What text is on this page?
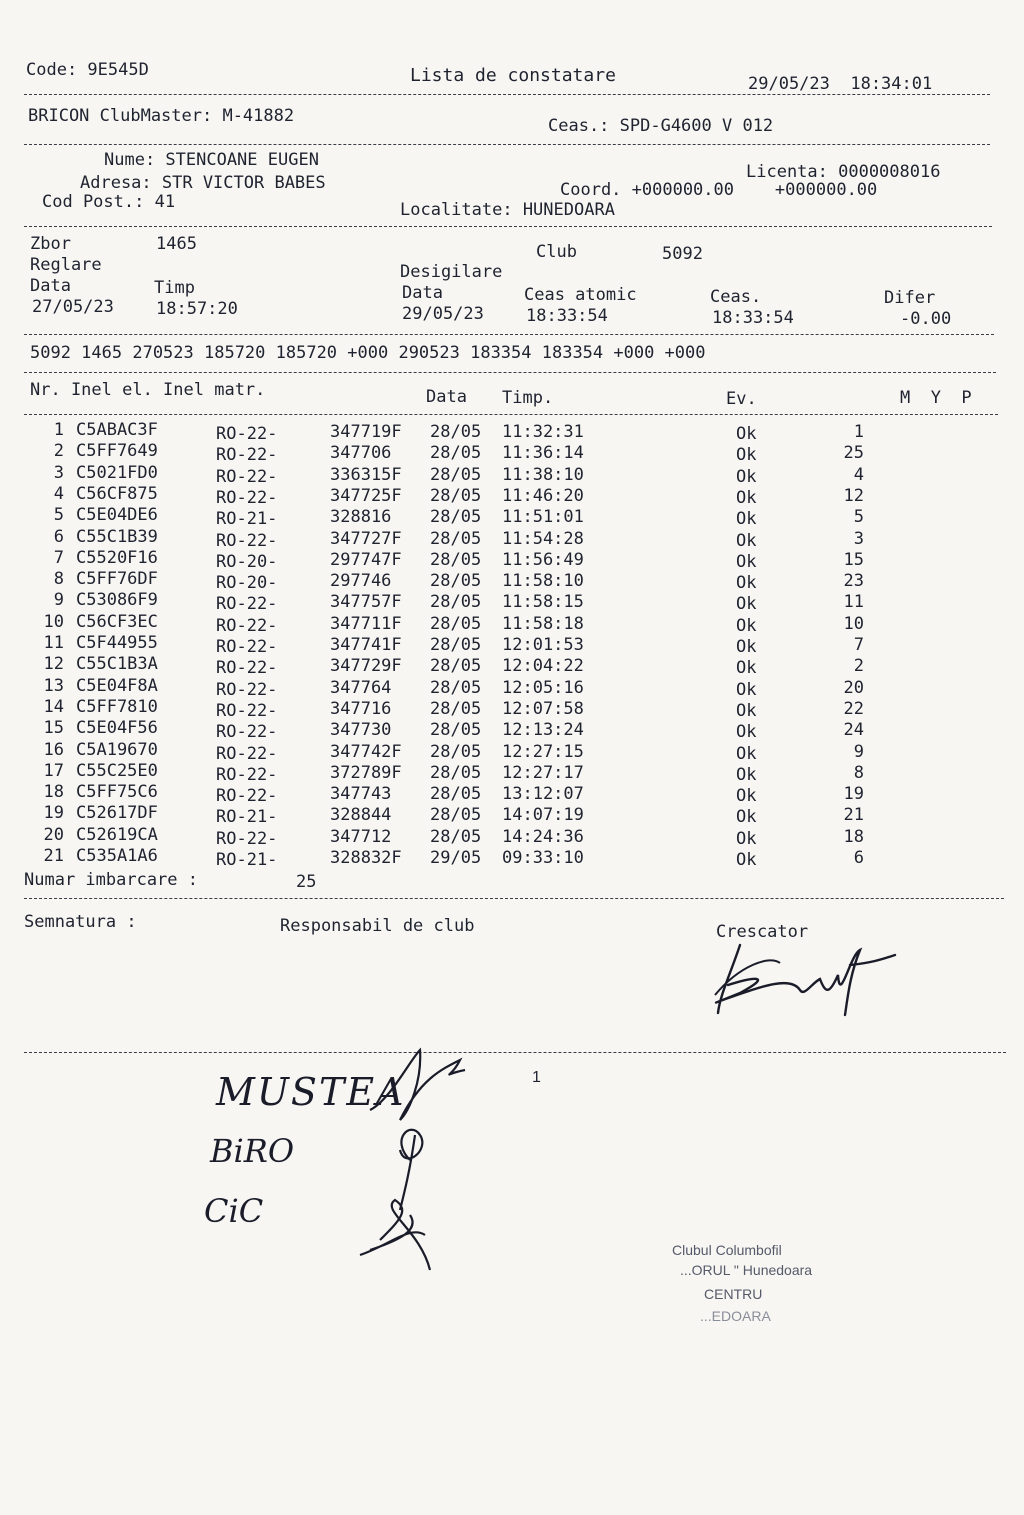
Code: 9E545D	Lista de constatare	29/05/23  18:34:01
BRICON ClubMaster: M-41882	Ceas.: SPD-G4600 V 012
Nume: STENCOANE EUGEN
Adresa: STR VICTOR BABES
Cod Post.: 41
Licenta: 0000008016
Coord. +000000.00    +000000.00
Localitate: HUNEDOARA
Zbor	1465	Club	5092
Reglare	Desigilare
Data	Timp	Data	Ceas atomic	Ceas.	Difer
27/05/23 18:57:20	29/05/23 18:33:54	18:33:54	-0.00
5092 1465 270523 185720 185720 +000 290523 183354 183354 +000 +000
Nr. Inel el. Inel matr.	Data Timp.	Ev.	M  Y  P
1 C5ABAC3F	RO-22-	347719F 28/05 11:32:31	Ok	1
2 C5FF7649	RO-22-	347706 28/05 11:36:14	Ok	25
3 C5021FD0	RO-22-	336315F 28/05 11:38:10	Ok	4
4 C56CF875	RO-22-	347725F 28/05 11:46:20	Ok	12
5 C5E04DE6	RO-21-	328816 28/05 11:51:01	Ok	5
6 C55C1B39	RO-22-	347727F 28/05 11:54:28	Ok	3
7 C5520F16	RO-20-	297747F 28/05 11:56:49	Ok	15
8 C5FF76DF	RO-20-	297746 28/05 11:58:10	Ok	23
9 C53086F9	RO-22-	347757F 28/05 11:58:15	Ok	11
10 C56CF3EC	RO-22-	347711F 28/05 11:58:18	Ok	10
11 C5F44955	RO-22-	347741F 28/05 12:01:53	Ok	7
12 C55C1B3A	RO-22-	347729F 28/05 12:04:22	Ok	2
13 C5E04F8A	RO-22-	347764 28/05 12:05:16	Ok	20
14 C5FF7810	RO-22-	347716 28/05 12:07:58	Ok	22
15 C5E04F56	RO-22-	347730 28/05 12:13:24	Ok	24
16 C5A19670	RO-22-	347742F 28/05 12:27:15	Ok	9
17 C55C25E0	RO-22-	372789F 28/05 12:27:17	Ok	8
18 C5FF75C6	RO-22-	347743 28/05 13:12:07	Ok	19
19 C52617DF	RO-21-	328844 28/05 14:07:19	Ok	21
20 C52619CA	RO-22-	347712 28/05 14:24:36	Ok	18
21 C535A1A6	RO-21-	328832F 29/05 09:33:10	Ok	6
Numar imbarcare :	25
Semnatura :	Responsabil de club	Crescator
1
MUSTEA
BiRO
CiC
Clubul Columbofil
...ORUL " Hunedoara
CENTRU
...EDOARA
